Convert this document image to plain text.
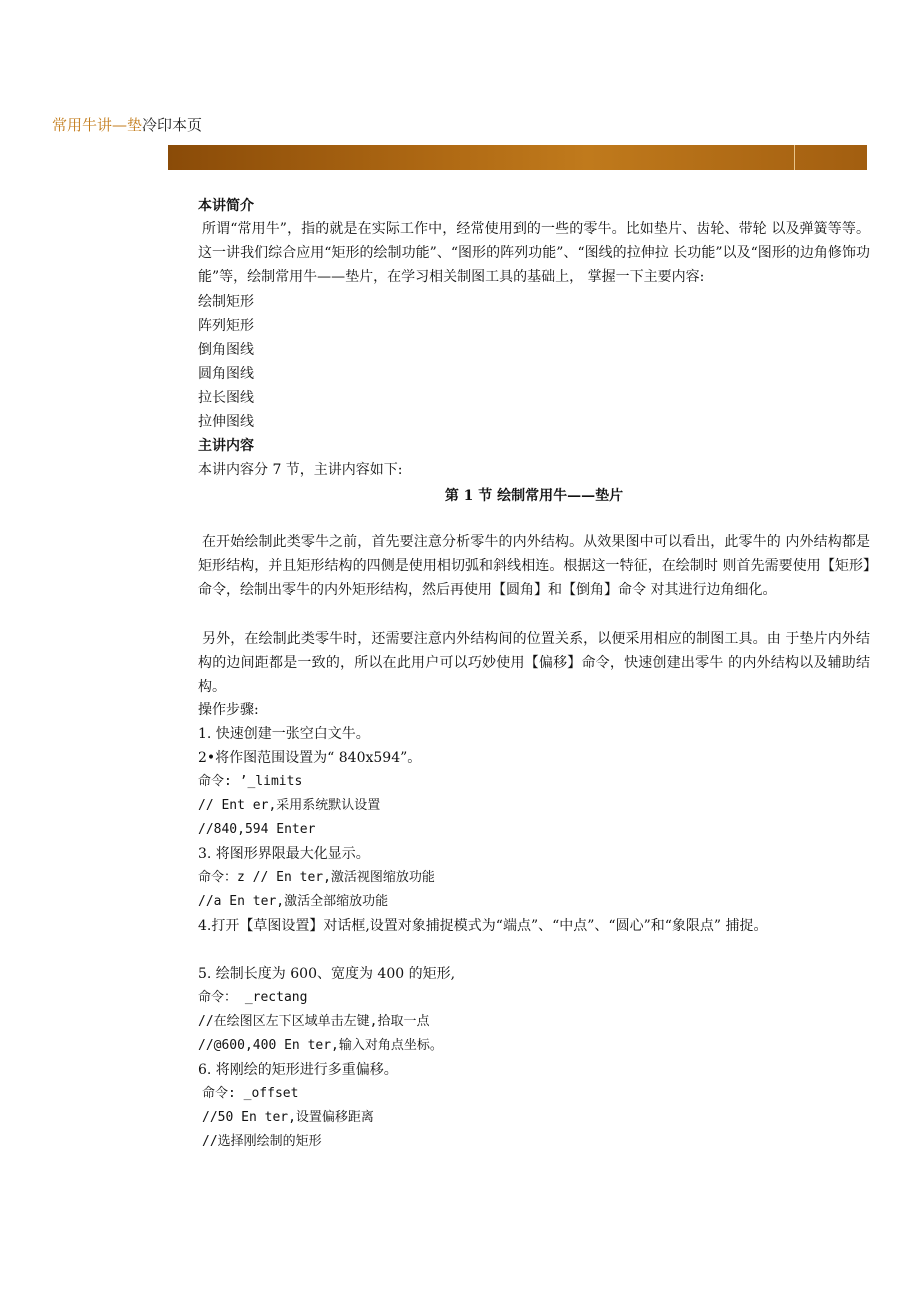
常用牛讲—垫冷印本页
本讲简介
所谓“常用牛”，指的就是在实际工作中，经常使用到的一些的零牛。比如垫片、齿轮、带轮 以及弹簧等等。这一讲我们综合应用“矩形的绘制功能”、“图形的阵列功能”、“图线的拉伸拉 长功能”以及“图形的边角修饰功能”等，绘制常用牛——垫片，在学习相关制图工具的基础上， 掌握一下主要内容:
绘制矩形
阵列矩形
倒角图线
圆角图线
拉长图线
拉伸图线
主讲内容
本讲内容分 7 节，主讲内容如下:
第 1 节 绘制常用牛——垫片
在开始绘制此类零牛之前，首先要注意分析零牛的内外结构。从效果图中可以看出，此零牛的 内外结构都是矩形结构，并且矩形结构的四侧是使用相切弧和斜线相连。根据这一特征，在绘制时 则首先需要使用【矩形】命令，绘制出零牛的内外矩形结构，然后再使用【圆角】和【倒角】命令 对其进行边角细化。
另外，在绘制此类零牛时，还需要注意内外结构间的位置关系，以便采用相应的制图工具。由 于垫片内外结构的边间距都是一致的，所以在此用户可以巧妙使用【偏移】命令，快速创建出零牛 的内外结构以及辅助结构。
操作步骤:
1. 快速创建一张空白文牛。
2•将作图范围设置为“ 840x594”。
命令: ’_limits
// Ent er,采用系统默认设置
//840,594 Enter
3. 将图形界限最大化显示。
命令：z // En ter,激活视图缩放功能
//a En ter,激活全部缩放功能
4.打开【草图设置】对话框,设置对象捕捉模式为“端点”、“中点”、“圆心”和“象限点” 捕捉。
5. 绘制长度为 600、宽度为 400 的矩形,
命令： _rectang
//在绘图区左下区域单击左键,拾取一点
//@600,400 En ter,输入对角点坐标。
6. 将刚绘的矩形进行多重偏移。
命令: _offset
//50 En ter,设置偏移距离
//选择刚绘制的矩形
